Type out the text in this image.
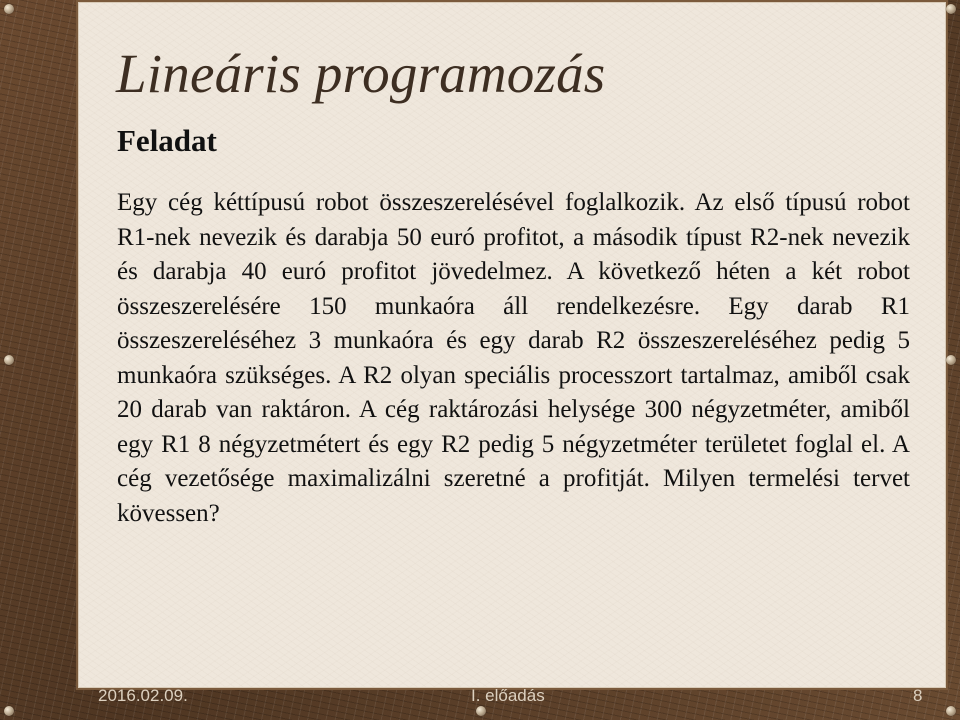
Lineáris programozás
Feladat

Egy cég kéttípusú robot összeszerelésével foglalkozik. Az első típusú robot R1-nek nevezik és darabja 50 euró profitot, a második típust R2-nek nevezik és darabja 40 euró profitot jövedelmez. A következő héten a két robot összeszerelésére 150 munkaóra áll rendelkezésre. Egy darab R1 összeszereléséhez 3 munkaóra és egy darab R2 összeszereléséhez pedig 5 munkaóra szükséges. A R2 olyan speciális processzort tartalmaz, amiből csak 20 darab van raktáron. A cég raktározási helysége 300 négyzetméter, amiből egy R1 8 négyzetmétert és egy R2 pedig 5 négyzetméter területet foglal el. A cég vezetősége maximalizálni szeretné a profitját. Milyen termelési tervet kövessen?

2016.02.09.	I. előadás	8
